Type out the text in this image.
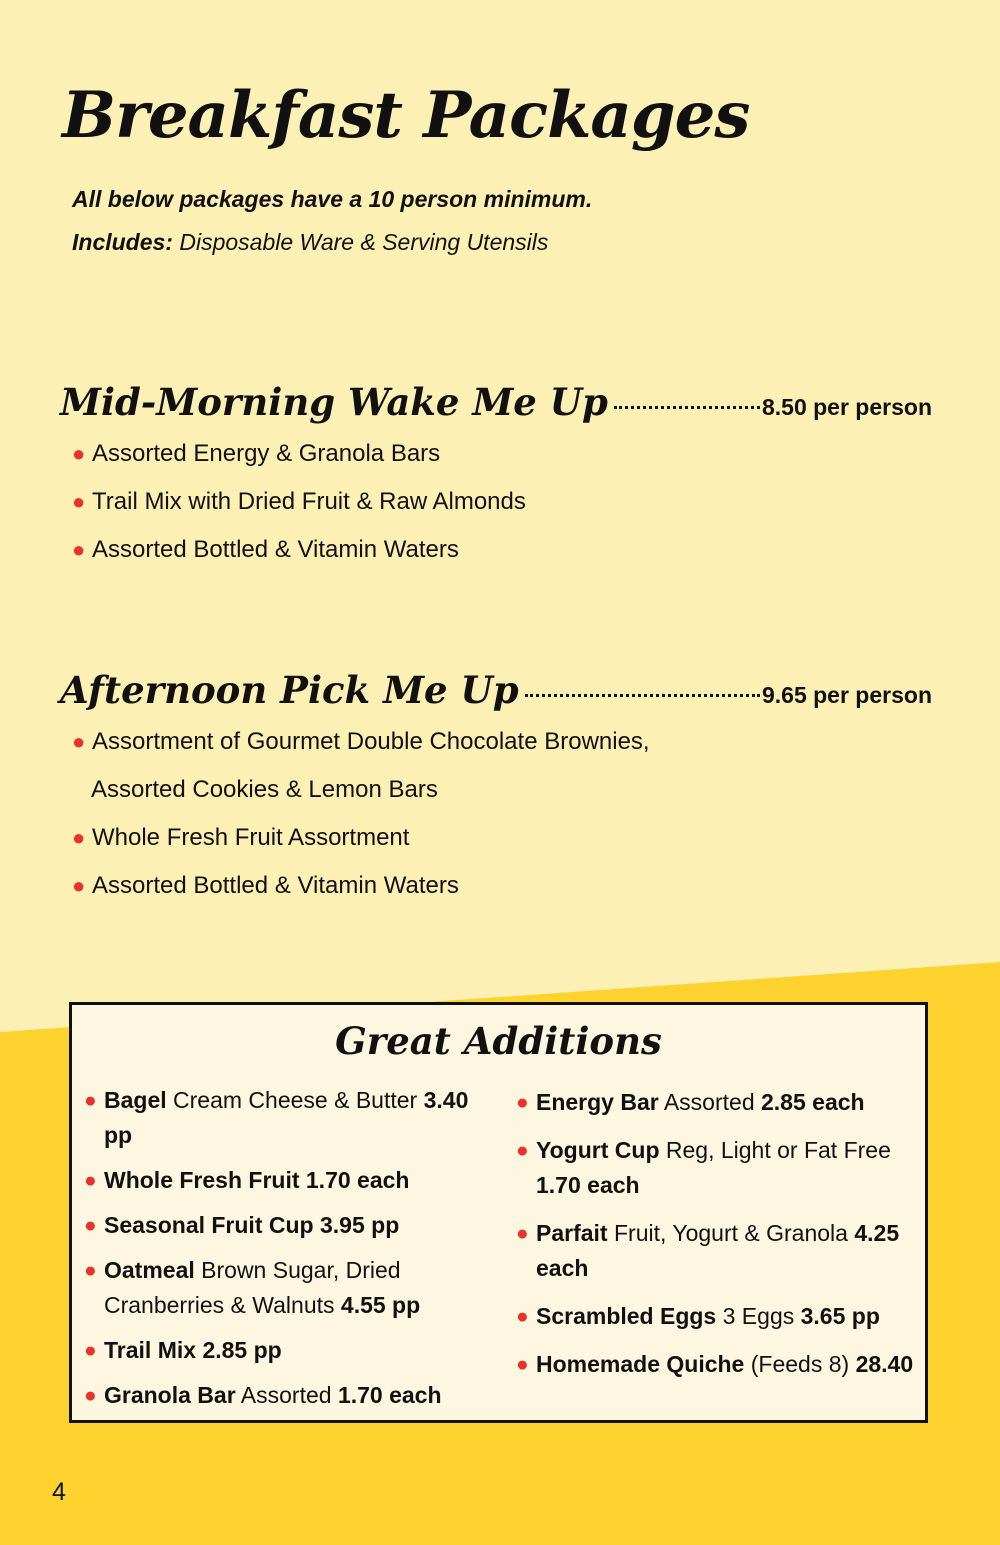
Breakfast Packages
All below packages have a 10 person minimum.
Includes: Disposable Ware & Serving Utensils
Mid-Morning Wake Me Up	8.50 per person
● Assorted Energy & Granola Bars
● Trail Mix with Dried Fruit & Raw Almonds
● Assorted Bottled & Vitamin Waters
Afternoon Pick Me Up	9.65 per person
● Assortment of Gourmet Double Chocolate Brownies,
Assorted Cookies & Lemon Bars
● Whole Fresh Fruit Assortment
● Assorted Bottled & Vitamin Waters
Great Additions
● Bagel Cream Cheese & Butter 3.40 pp
● Whole Fresh Fruit 1.70 each
● Seasonal Fruit Cup 3.95 pp
● Oatmeal Brown Sugar, Dried Cranberries & Walnuts 4.55 pp
● Trail Mix 2.85 pp
● Granola Bar Assorted 1.70 each
● Energy Bar Assorted 2.85 each
● Yogurt Cup Reg, Light or Fat Free 1.70 each
● Parfait Fruit, Yogurt & Granola 4.25 each
● Scrambled Eggs 3 Eggs 3.65 pp
● Homemade Quiche (Feeds 8) 28.40
4
